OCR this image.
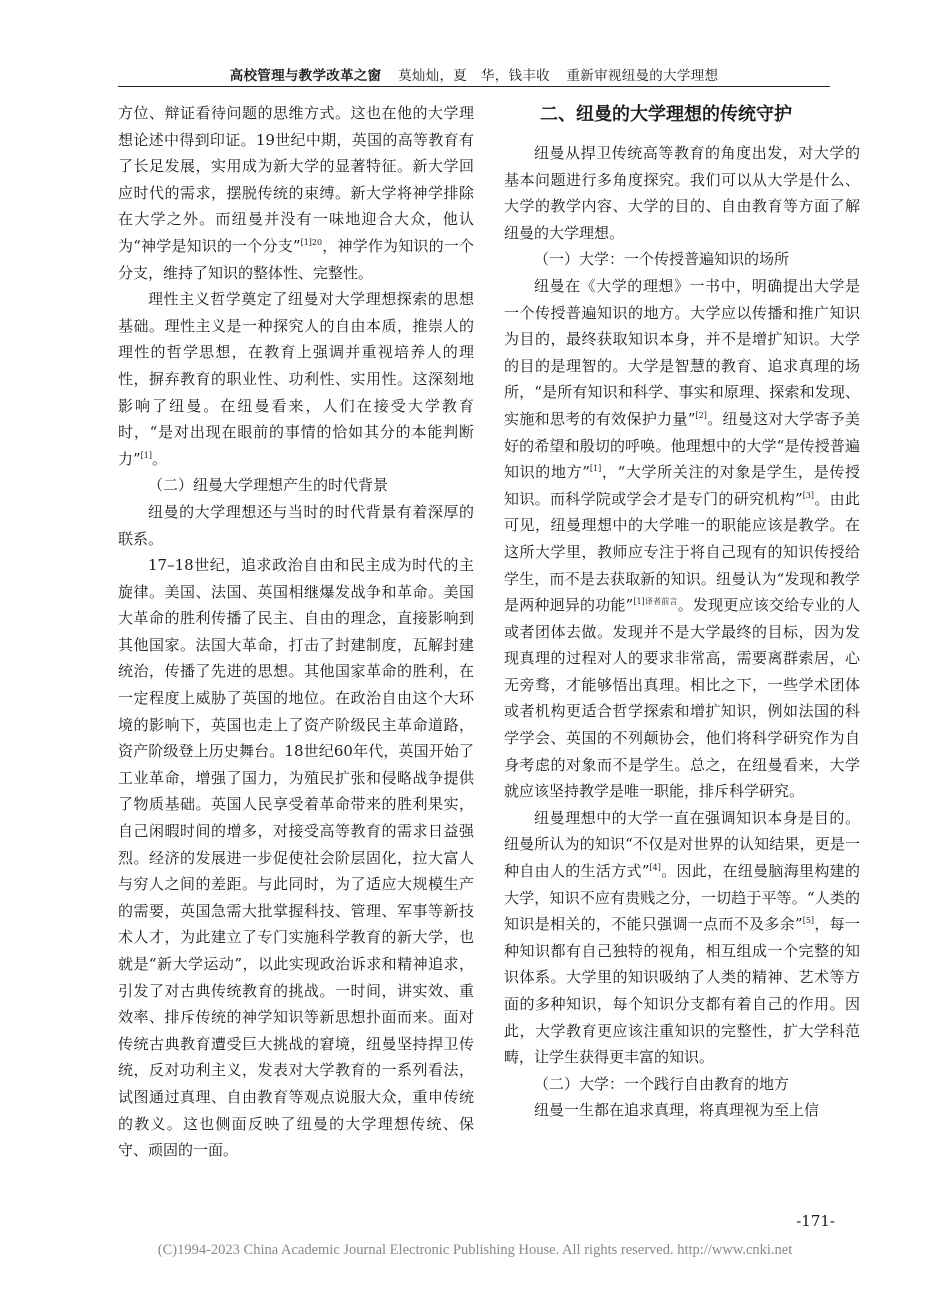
高校管理与教学改革之窗 莫灿灿，夏　华，钱丰收 重新审视纽曼的大学理想

方位、辩证看待问题的思维方式。这也在他的大学理想论述中得到印证。19世纪中期，英国的高等教育有了长足发展，实用成为新大学的显著特征。新大学回应时代的需求，摆脱传统的束缚。新大学将神学排除在大学之外。而纽曼并没有一味地迎合大众，他认为“神学是知识的一个分支”$^{[1]20}$，神学作为知识的一个分支，维持了知识的整体性、完整性。

理性主义哲学奠定了纽曼对大学理想探索的思想基础。理性主义是一种探究人的自由本质，推崇人的理性的哲学思想，在教育上强调并重视培养人的理性，摒弃教育的职业性、功利性、实用性。这深刻地影响了纽曼。在纽曼看来，人们在接受大学教育时，“是对出现在眼前的事情的恰如其分的本能判断力”[1]。

（二）纽曼大学理想产生的时代背景

纽曼的大学理想还与当时的时代背景有着深厚的联系。

17–18世纪，追求政治自由和民主成为时代的主旋律。美国、法国、英国相继爆发战争和革命。美国大革命的胜利传播了民主、自由的理念，直接影响到其他国家。法国大革命，打击了封建制度，瓦解封建统治，传播了先进的思想。其他国家革命的胜利，在一定程度上威胁了英国的地位。在政治自由这个大环境的影响下，英国也走上了资产阶级民主革命道路，资产阶级登上历史舞台。18世纪60年代，英国开始了工业革命，增强了国力，为殖民扩张和侵略战争提供了物质基础。英国人民享受着革命带来的胜利果实，自己闲暇时间的增多，对接受高等教育的需求日益强烈。经济的发展进一步促使社会阶层固化，拉大富人与穷人之间的差距。与此同时，为了适应大规模生产的需要，英国急需大批掌握科技、管理、军事等新技术人才，为此建立了专门实施科学教育的新大学，也就是“新大学运动”，以此实现政治诉求和精神追求，引发了对古典传统教育的挑战。一时间，讲实效、重效率、排斥传统的神学知识等新思想扑面而来。面对传统古典教育遭受巨大挑战的窘境，纽曼坚持捍卫传统，反对功利主义，发表对大学教育的一系列看法，试图通过真理、自由教育等观点说服大众，重申传统的教义。这也侧面反映了纽曼的大学理想传统、保守、顽固的一面。

二、纽曼的大学理想的传统守护

纽曼从捍卫传统高等教育的角度出发，对大学的基本问题进行多角度探究。我们可以从大学是什么、大学的教学内容、大学的目的、自由教育等方面了解纽曼的大学理想。

（一）大学：一个传授普遍知识的场所

纽曼在《大学的理想》一书中，明确提出大学是一个传授普遍知识的地方。大学应以传播和推广知识为目的，最终获取知识本身，并不是增扩知识。大学的目的是理智的。大学是智慧的教育、追求真理的场所，“是所有知识和科学、事实和原理、探索和发现、实施和思考的有效保护力量”[2]。纽曼这对大学寄予美好的希望和殷切的呼唤。他理想中的大学“是传授普遍知识的地方”[1]，“大学所关注的对象是学生，是传授知识。而科学院或学会才是专门的研究机构”[3]。由此可见，纽曼理想中的大学唯一的职能应该是教学。在这所大学里，教师应专注于将自己现有的知识传授给学生，而不是去获取新的知识。纽曼认为“发现和教学是两种迥异的功能”$^{[1]译者前言}$。发现更应该交给专业的人或者团体去做。发现并不是大学最终的目标，因为发现真理的过程对人的要求非常高，需要离群索居，心无旁骛，才能够悟出真理。相比之下，一些学术团体或者机构更适合哲学探索和增扩知识，例如法国的科学学会、英国的不列颠协会，他们将科学研究作为自身考虑的对象而不是学生。总之，在纽曼看来，大学就应该坚持教学是唯一职能，排斥科学研究。

纽曼理想中的大学一直在强调知识本身是目的。纽曼所认为的知识“不仅是对世界的认知结果，更是一种自由人的生活方式”[4]。因此，在纽曼脑海里构建的大学，知识不应有贵贱之分，一切趋于平等。“人类的知识是相关的，不能只强调一点而不及多余”[5]，每一种知识都有自己独特的视角，相互组成一个完整的知识体系。大学里的知识吸纳了人类的精神、艺术等方面的多种知识，每个知识分支都有着自己的作用。因此，大学教育更应该注重知识的完整性，扩大学科范畴，让学生获得更丰富的知识。

（二）大学：一个践行自由教育的地方

纽曼一生都在追求真理，将真理视为至上信

-171-
(C)1994-2023 China Academic Journal Electronic Publishing House. All rights reserved. http://www.cnki.net
